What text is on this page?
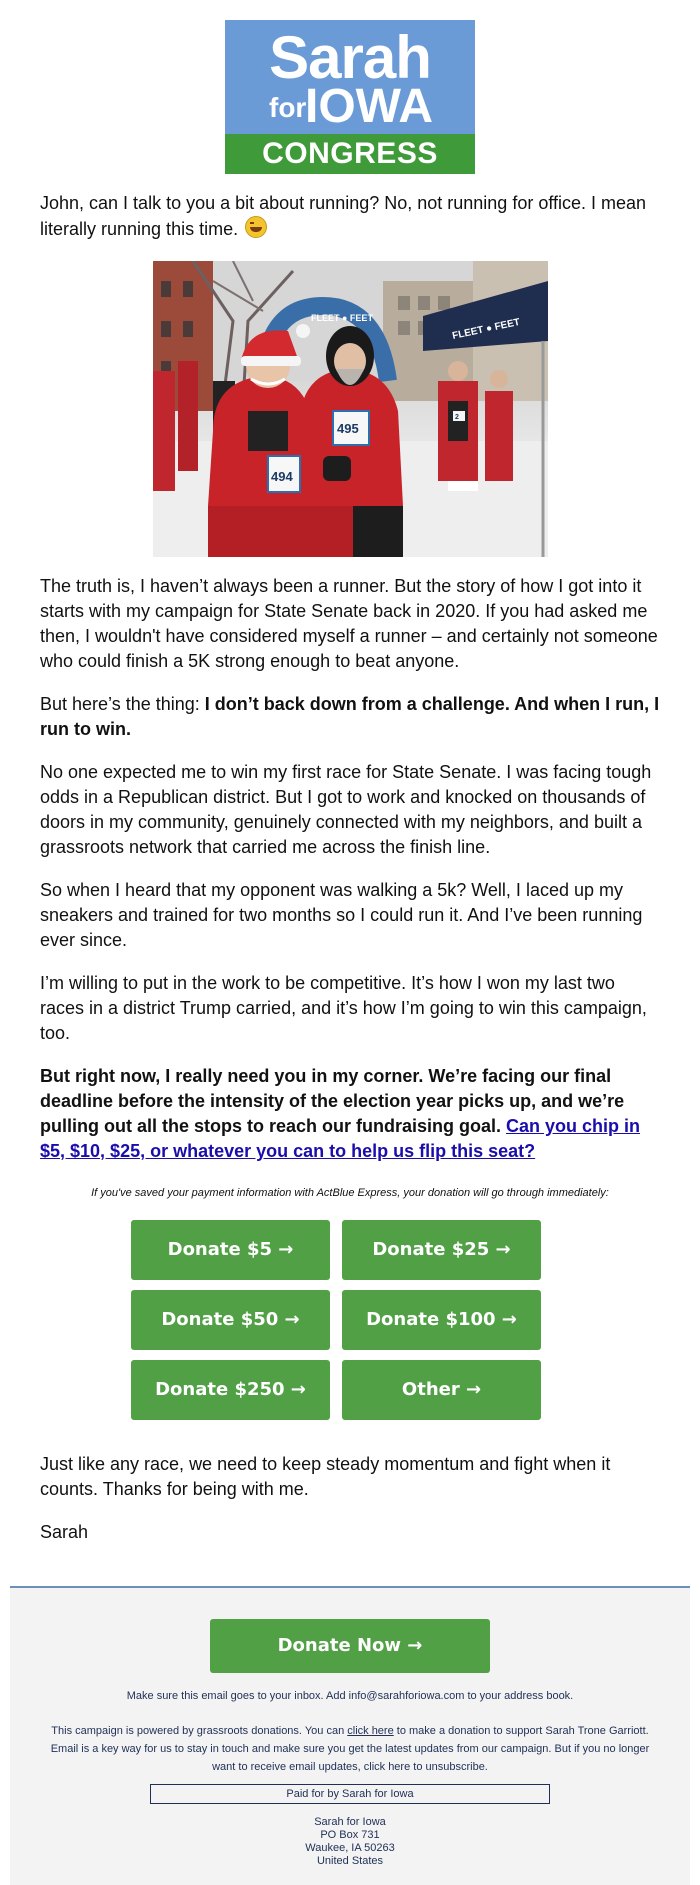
Sarah
for
IOWA
CONGRESS

John, can I talk to you a bit about running? No, not running for office. I mean literally running this time.

FLEET ● FEET	FLEET ● FEET
2
494
495

The truth is, I haven’t always been a runner. But the story of how I got into it starts with my campaign for State Senate back in 2020. If you had asked me then, I wouldn't have considered myself a runner – and certainly not someone who could finish a 5K strong enough to beat anyone.

But here’s the thing: I don’t back down from a challenge. And when I run, I run to win.

No one expected me to win my first race for State Senate. I was facing tough odds in a Republican district. But I got to work and knocked on thousands of doors in my community, genuinely connected with my neighbors, and built a grassroots network that carried me across the finish line.

So when I heard that my opponent was walking a 5k? Well, I laced up my sneakers and trained for two months so I could run it. And I’ve been running ever since.

I’m willing to put in the work to be competitive. It’s how I won my last two races in a district Trump carried, and it’s how I’m going to win this campaign, too.

But right now, I really need you in my corner. We’re facing our final deadline before the intensity of the election year picks up, and we’re pulling out all the stops to reach our fundraising goal. Can you chip in $5, $10, $25, or whatever you can to help us flip this seat?

If you've saved your payment information with ActBlue Express, your donation will go through immediately:
Donate $5 →	Donate $25 →
Donate $50 →	Donate $100 →
Donate $250 →	Other →

Just like any race, we need to keep steady momentum and fight when it counts. Thanks for being with me.

Sarah

Donate Now →
Make sure this email goes to your inbox. Add info@sarahforiowa.com to your address book.
This campaign is powered by grassroots donations. You can click here to make a donation to support Sarah Trone Garriott.
Email is a key way for us to stay in touch and make sure you get the latest updates from our campaign. But if you no longer
want to receive email updates, click here to unsubscribe.
Paid for by Sarah for Iowa
Sarah for Iowa
PO Box 731
Waukee, IA 50263
United States
